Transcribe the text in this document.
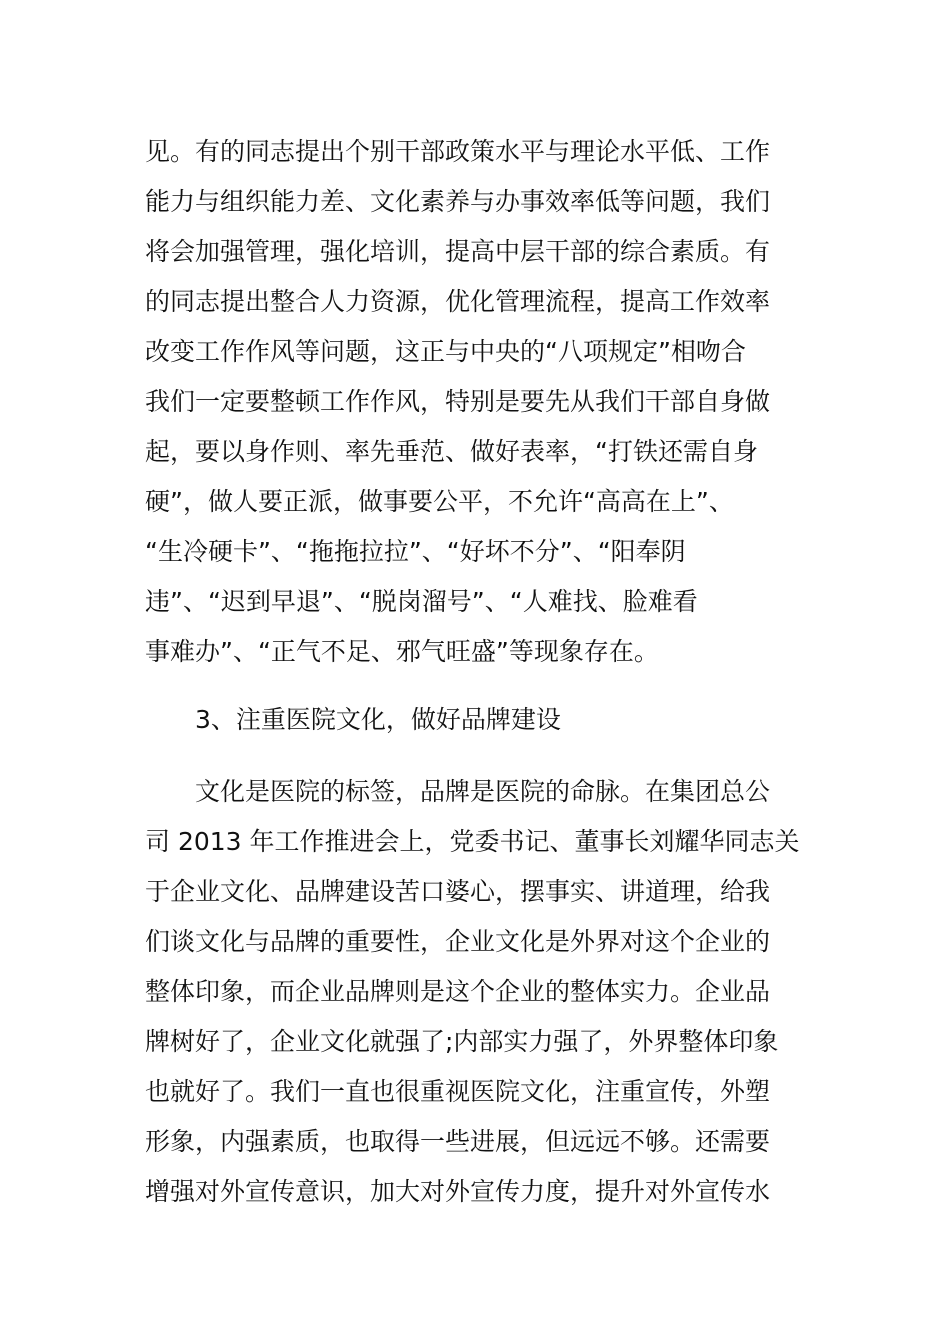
见。有的同志提出个别干部政策水平与理论水平低、工作
能力与组织能力差、文化素养与办事效率低等问题，我们
将会加强管理，强化培训，提高中层干部的综合素质。有
的同志提出整合人力资源，优化管理流程，提高工作效率
改变工作作风等问题，这正与中央的“八项规定”相吻合
我们一定要整顿工作作风，特别是要先从我们干部自身做
起，要以身作则、率先垂范、做好表率，“打铁还需自身
硬”，做人要正派，做事要公平，不允许“高高在上”、
“生冷硬卡”、“拖拖拉拉”、“好坏不分”、“阳奉阴
违”、“迟到早退”、“脱岗溜号”、“人难找、脸难看
事难办”、“正气不足、邪气旺盛”等现象存在。
3、注重医院文化，做好品牌建设
文化是医院的标签，品牌是医院的命脉。在集团总公
司 2013 年工作推进会上，党委书记、董事长刘耀华同志关
于企业文化、品牌建设苦口婆心，摆事实、讲道理，给我
们谈文化与品牌的重要性，企业文化是外界对这个企业的
整体印象，而企业品牌则是这个企业的整体实力。企业品
牌树好了，企业文化就强了;内部实力强了，外界整体印象
也就好了。我们一直也很重视医院文化，注重宣传，外塑
形象，内强素质，也取得一些进展，但远远不够。还需要
增强对外宣传意识，加大对外宣传力度，提升对外宣传水
